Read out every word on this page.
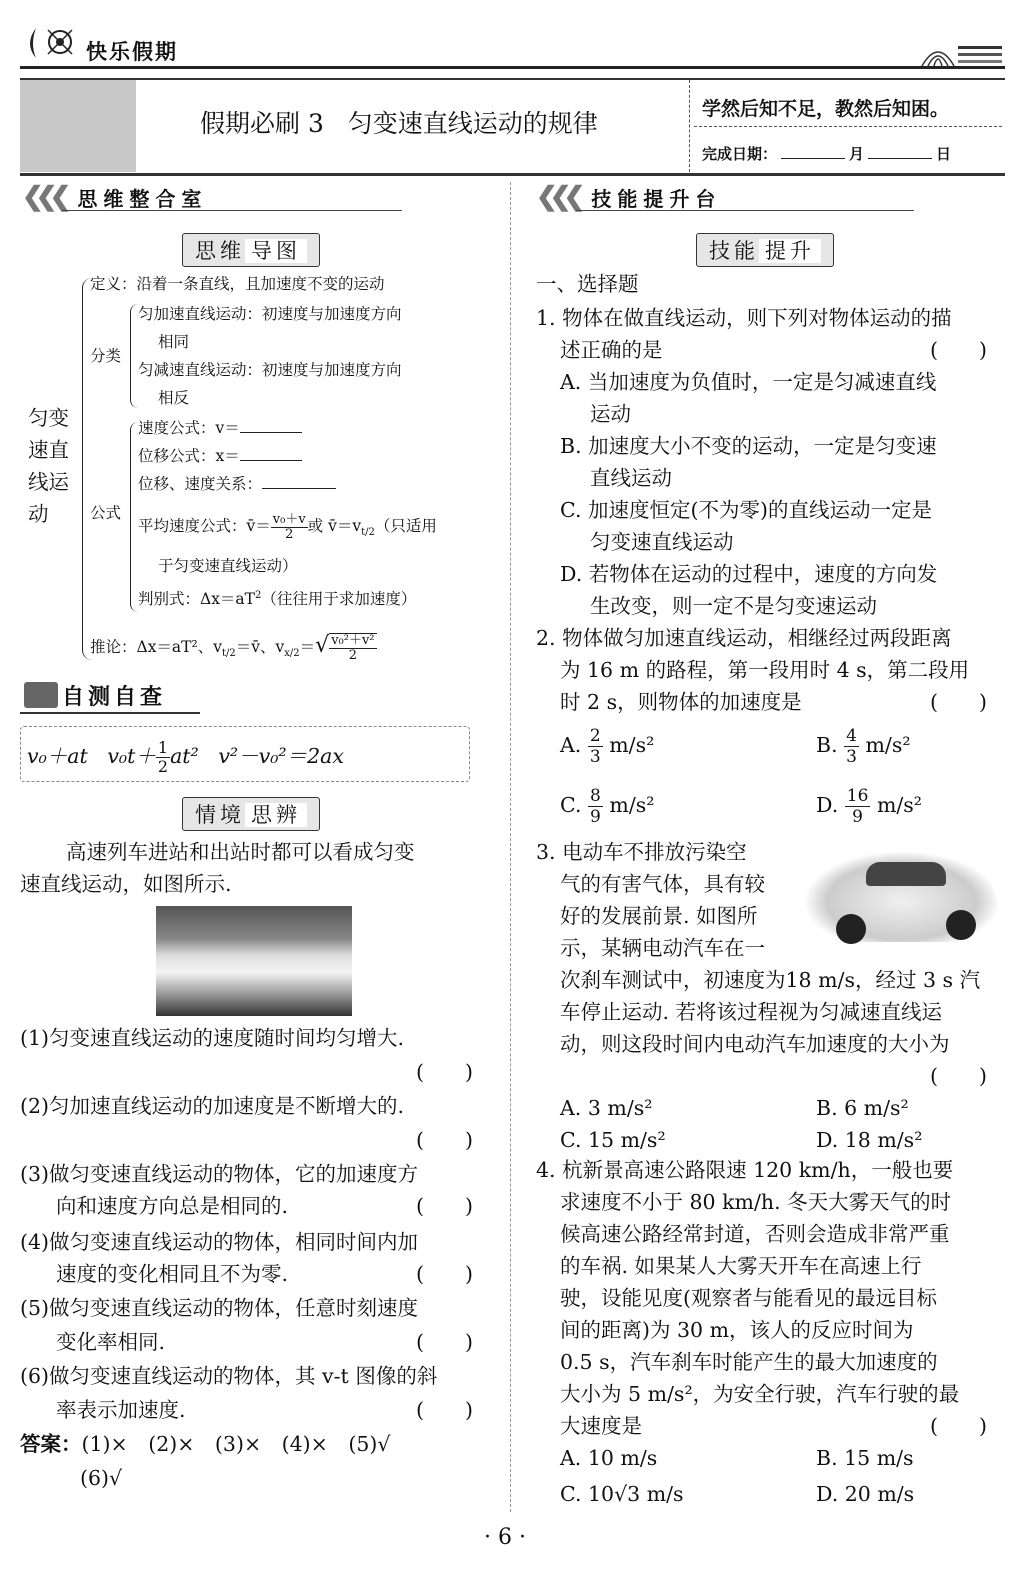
快乐假期
假期必刷 3 匀变速直线运动的规律	学然后知不足，教然后知困。
完成日期：	月	日
❮❮❮ 思维整合室
思维 导图
匀变
速直
线运
动
定义：沿着一条直线，且加速度不变的运动
分类
匀加速直线运动：初速度与加速度方向
相同
匀减速直线运动：初速度与加速度方向
相反
公式
速度公式：v＝
位移公式：x＝
位移、速度关系：
平均速度公式：v̄＝ $\frac{\text{v₀＋v}}{2}$ 或 $v̄=v_{t/2}$（只适用
于匀变速直线运动）
判别式：$\Delta x=aT^2$（往往用于求加速度）
推论：Δx＝aT²、$v_{t/2}=v̄$、$v_{x/2}=√ \frac{\text{v₀²＋v²}}{2}$
自测自查
v₀＋at $v_0t+ \frac{1}{2} at^2$ v²－v₀²＝2ax
情境 思辨
高速列车进站和出站时都可以看成匀变
速直线运动，如图所示.
(1)匀变速直线运动的速度随时间均匀增大.
(　　)
(2)匀加速直线运动的加速度是不断增大的.
(　　)
(3)做匀变速直线运动的物体，它的加速度方
向和速度方向总是相同的.	(　　)
(4)做匀变速直线运动的物体，相同时间内加
速度的变化相同且不为零.	(　　)
(5)做匀变速直线运动的物体，任意时刻速度
变化率相同.	(　　)
(6)做匀变速直线运动的物体，其 v-t 图像的斜
率表示加速度.	(　　)
答案：(1)×　(2)×　(3)×　(4)×　(5)√
(6)√
❮❮❮ 技能提升台
技能 提升
一、选择题
1. 物体在做直线运动，则下列对物体运动的描
述正确的是	(　　)
A. 当加速度为负值时，一定是匀减速直线
运动
B. 加速度大小不变的运动，一定是匀变速
直线运动
C. 加速度恒定(不为零)的直线运动一定是
匀变速直线运动
D. 若物体在运动的过程中，速度的方向发
生改变，则一定不是匀变速运动
2. 物体做匀加速直线运动，相继经过两段距离
为 16 m 的路程，第一段用时 4 s，第二段用
时 2 s，则物体的加速度是	(　　)
A. $\frac{2}{3} m/s^2$	B. $\frac{4}{3} m/s^2$
C. $\frac{8}{9} m/s^2$	D. $\frac{16}{9} m/s^2$
3. 电动车不排放污染空
气的有害气体，具有较
好的发展前景. 如图所
示，某辆电动汽车在一
次刹车测试中，初速度为18 m/s，经过 3 s 汽
车停止运动. 若将该过程视为匀减速直线运
动，则这段时间内电动汽车加速度的大小为
(　　)
A. 3 m/s²	B. 6 m/s²
C. 15 m/s²	D. 18 m/s²
4. 杭新景高速公路限速 120 km/h，一般也要
求速度不小于 80 km/h. 冬天大雾天气的时
候高速公路经常封道，否则会造成非常严重
的车祸. 如果某人大雾天开车在高速上行
驶，设能见度(观察者与能看见的最远目标
间的距离)为 30 m，该人的反应时间为
0.5 s，汽车刹车时能产生的最大加速度的
大小为 5 m/s²，为安全行驶，汽车行驶的最
大速度是	(　　)
A. 10 m/s	B. 15 m/s
C. 10√3 m/s	D. 20 m/s
· 6 ·
